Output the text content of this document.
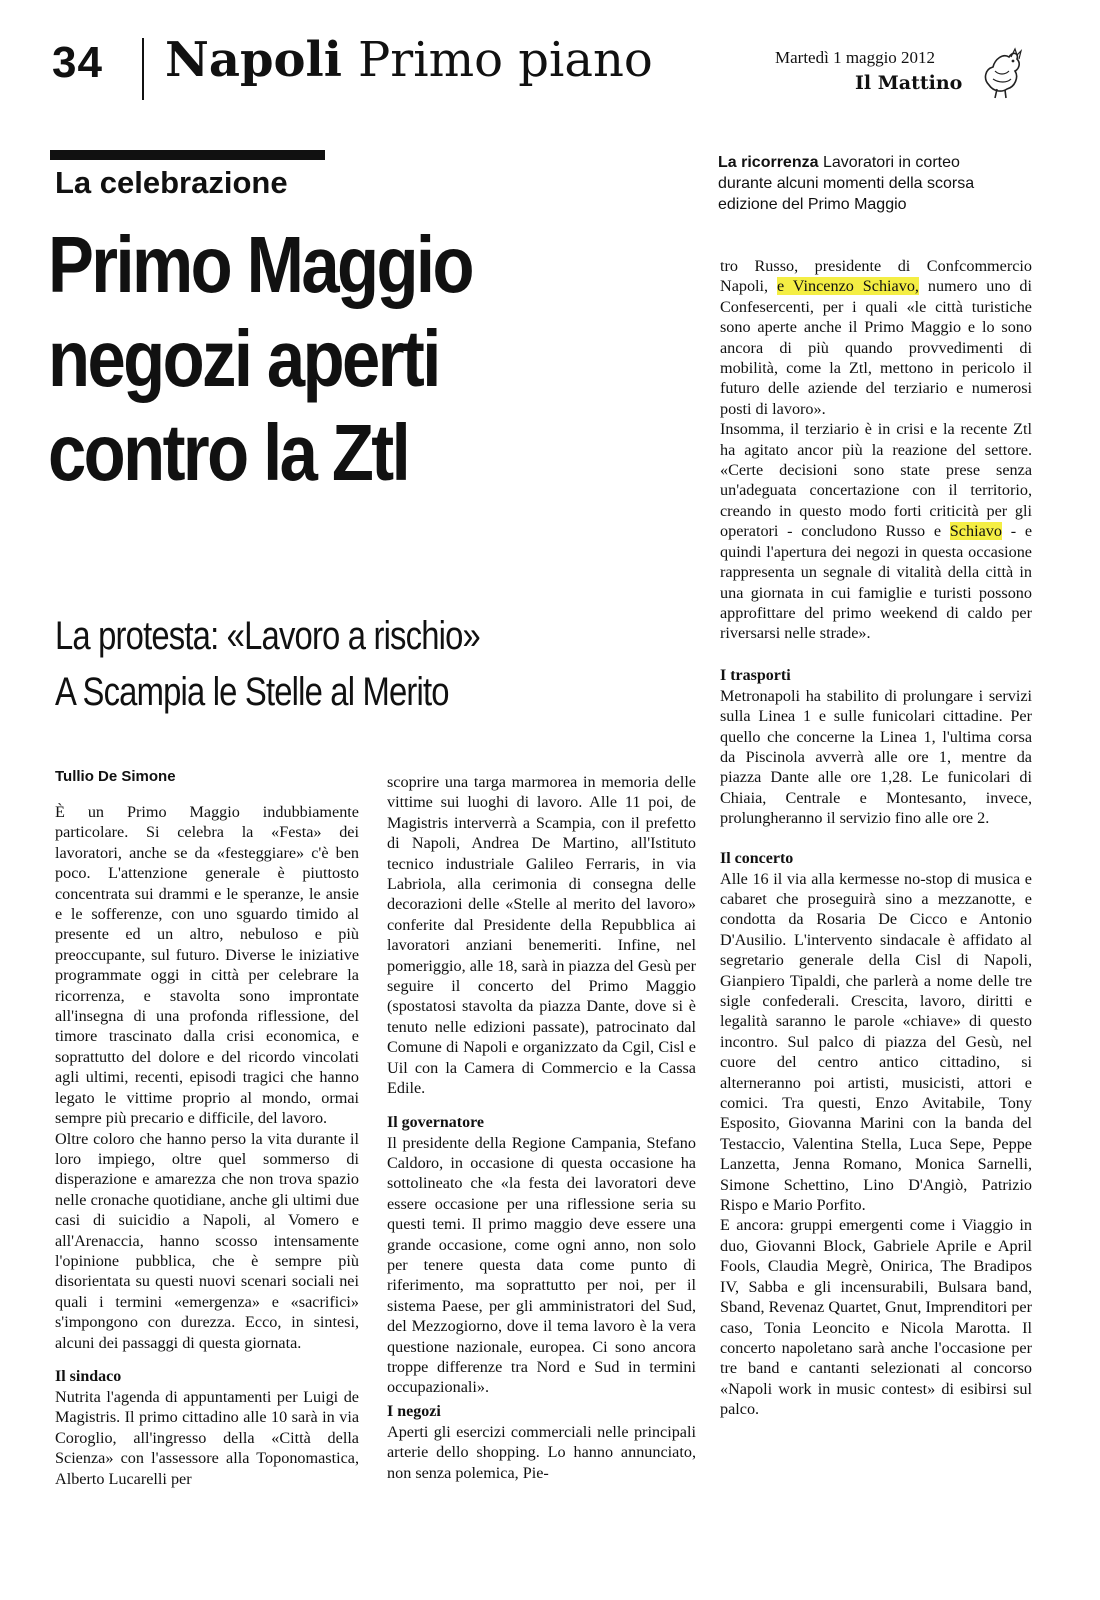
34 Napoli Primo piano	Martedì 1 maggio 2012
Il Mattino
La celebrazione
Primo Maggio
negozi aperti
contro la Ztl
La protesta: «Lavoro a rischio»
A Scampia le Stelle al Merito
La ricorrenza Lavoratori in corteo durante alcuni momenti della scorsa edizione del Primo Maggio
Tullio De Simone

È un Primo Maggio indubbiamente particolare. Si celebra la «Festa» dei lavoratori, anche se da «festeggiare» c'è ben poco. L'attenzione generale è piuttosto concentrata sui drammi e le speranze, le ansie e le sofferenze, con uno sguardo timido al presente ed un altro, nebuloso e più preoccupante, sul futuro. Diverse le iniziative programmate oggi in città per celebrare la ricorrenza, e stavolta sono improntate all'insegna di una profonda riflessione, del timore trascinato dalla crisi economica, e soprattutto del dolore e del ricordo vincolati agli ultimi, recenti, episodi tragici che hanno legato le vittime proprio al mondo, ormai sempre più precario e difficile, del lavoro.

Oltre coloro che hanno perso la vita durante il loro impiego, oltre quel sommerso di disperazione e amarezza che non trova spazio nelle cronache quotidiane, anche gli ultimi due casi di suicidio a Napoli, al Vomero e all'Arenaccia, hanno scosso intensamente l'opinione pubblica, che è sempre più disorientata su questi nuovi scenari sociali nei quali i termini «emergenza» e «sacrifici» s'impongono con durezza. Ecco, in sintesi, alcuni dei passaggi di questa giornata.

Il sindaco

Nutrita l'agenda di appuntamenti per Luigi de Magistris. Il primo cittadino alle 10 sarà in via Coroglio, all'ingresso della «Città della Scienza» con l'assessore alla Toponomastica, Alberto Lucarelli per

scoprire una targa marmorea in memoria delle vittime sui luoghi di lavoro. Alle 11 poi, de Magistris interverrà a Scampia, con il prefetto di Napoli, Andrea De Martino, all'Istituto tecnico industriale Galileo Ferraris, in via Labriola, alla cerimonia di consegna delle decorazioni delle «Stelle al merito del lavoro» conferite dal Presidente della Repubblica ai lavoratori anziani benemeriti. Infine, nel pomeriggio, alle 18, sarà in piazza del Gesù per seguire il concerto del Primo Maggio (spostatosi stavolta da piazza Dante, dove si è tenuto nelle edizioni passate), patrocinato dal Comune di Napoli e organizzato da Cgil, Cisl e Uil con la Camera di Commercio e la Cassa Edile.

Il governatore

Il presidente della Regione Campania, Stefano Caldoro, in occasione di questa occasione ha sottolineato che «la festa dei lavoratori deve essere occasione per una riflessione seria su questi temi. Il primo maggio deve essere una grande occasione, come ogni anno, non solo per tenere questa data come punto di riferimento, ma soprattutto per noi, per il sistema Paese, per gli amministratori del Sud, del Mezzogiorno, dove il tema lavoro è la vera questione nazionale, europea. Ci sono ancora troppe differenze tra Nord e Sud in termini occupazionali».

I negozi

Aperti gli esercizi commerciali nelle principali arterie dello shopping. Lo hanno annunciato, non senza polemica, Pie-

tro Russo, presidente di Confcommercio Napoli, e Vincenzo Schiavo, numero uno di Confesercenti, per i quali «le città turistiche sono aperte anche il Primo Maggio e lo sono ancora di più quando provvedimenti di mobilità, come la Ztl, mettono in pericolo il futuro delle aziende del terziario e numerosi posti di lavoro».

Insomma, il terziario è in crisi e la recente Ztl ha agitato ancor più la reazione del settore. «Certe decisioni sono state prese senza un'adeguata concertazione con il territorio, creando in questo modo forti criticità per gli operatori - concludono Russo e Schiavo - e quindi l'apertura dei negozi in questa occasione rappresenta un segnale di vitalità della città in una giornata in cui famiglie e turisti possono approfittare del primo weekend di caldo per riversarsi nelle strade».

I trasporti

Metronapoli ha stabilito di prolungare i servizi sulla Linea 1 e sulle funicolari cittadine. Per quello che concerne la Linea 1, l'ultima corsa da Piscinola avverrà alle ore 1, mentre da piazza Dante alle ore 1,28. Le funicolari di Chiaia, Centrale e Montesanto, invece, prolungheranno il servizio fino alle ore 2.

Il concerto

Alle 16 il via alla kermesse no-stop di musica e cabaret che proseguirà sino a mezzanotte, e condotta da Rosaria De Cicco e Antonio D'Ausilio. L'intervento sindacale è affidato al segretario generale della Cisl di Napoli, Gianpiero Tipaldi, che parlerà a nome delle tre sigle confederali. Crescita, lavoro, diritti e legalità saranno le parole «chiave» di questo incontro. Sul palco di piazza del Gesù, nel cuore del centro antico cittadino, si alterneranno poi artisti, musicisti, attori e comici. Tra questi, Enzo Avitabile, Tony Esposito, Giovanna Marini con la banda del Testaccio, Valentina Stella, Luca Sepe, Peppe Lanzetta, Jenna Romano, Monica Sarnelli, Simone Schettino, Lino D'Angiò, Patrizio Rispo e Mario Porfito.

E ancora: gruppi emergenti come i Viaggio in duo, Giovanni Block, Gabriele Aprile e April Fools, Claudia Megrè, Onirica, The Bradipos IV, Sabba e gli incensurabili, Bulsara band, Sband, Revenaz Quartet, Gnut, Imprenditori per caso, Tonia Leoncito e Nicola Marotta. Il concerto napoletano sarà anche l'occasione per tre band e cantanti selezionati al concorso «Napoli work in music contest» di esibirsi sul palco.
